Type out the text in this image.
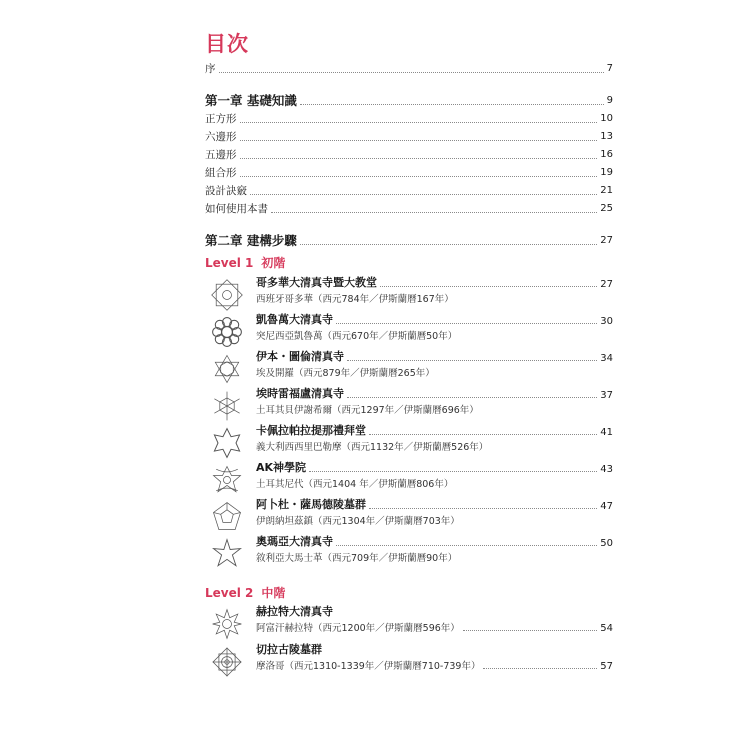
目次
序	7
第一章 基礎知識	9
正方形	10
六邊形	13
五邊形	16
組合形	19
設計訣竅	21
如何使用本書	25
第二章 建構步驟	27
Level 1 初階
哥多華大清真寺暨大教堂	27
西班牙哥多華（西元784年／伊斯蘭曆167年）
凱魯萬大清真寺	30
突尼西亞凱魯萬（西元670年／伊斯蘭曆50年）
伊本・圖倫清真寺	34
埃及開羅（西元879年／伊斯蘭曆265年）
埃時雷福盧清真寺	37
土耳其貝伊謝希爾（西元1297年／伊斯蘭曆696年）
卡佩拉帕拉提那禮拜堂	41
義大利西西里巴勒摩（西元1132年／伊斯蘭曆526年）
AK神學院	43
土耳其尼代（西元1404 年／伊斯蘭曆806年）
阿卜杜・薩馬德陵墓群	47
伊朗納坦茲鎮（西元1304年／伊斯蘭曆703年）
奧瑪亞大清真寺	50
敘利亞大馬士革（西元709年／伊斯蘭曆90年）
Level 2 中階
赫拉特大清真寺
阿富汗赫拉特（西元1200年／伊斯蘭曆596年）	54
切拉古陵墓群
摩洛哥（西元1310-1339年／伊斯蘭曆710-739年）	57
